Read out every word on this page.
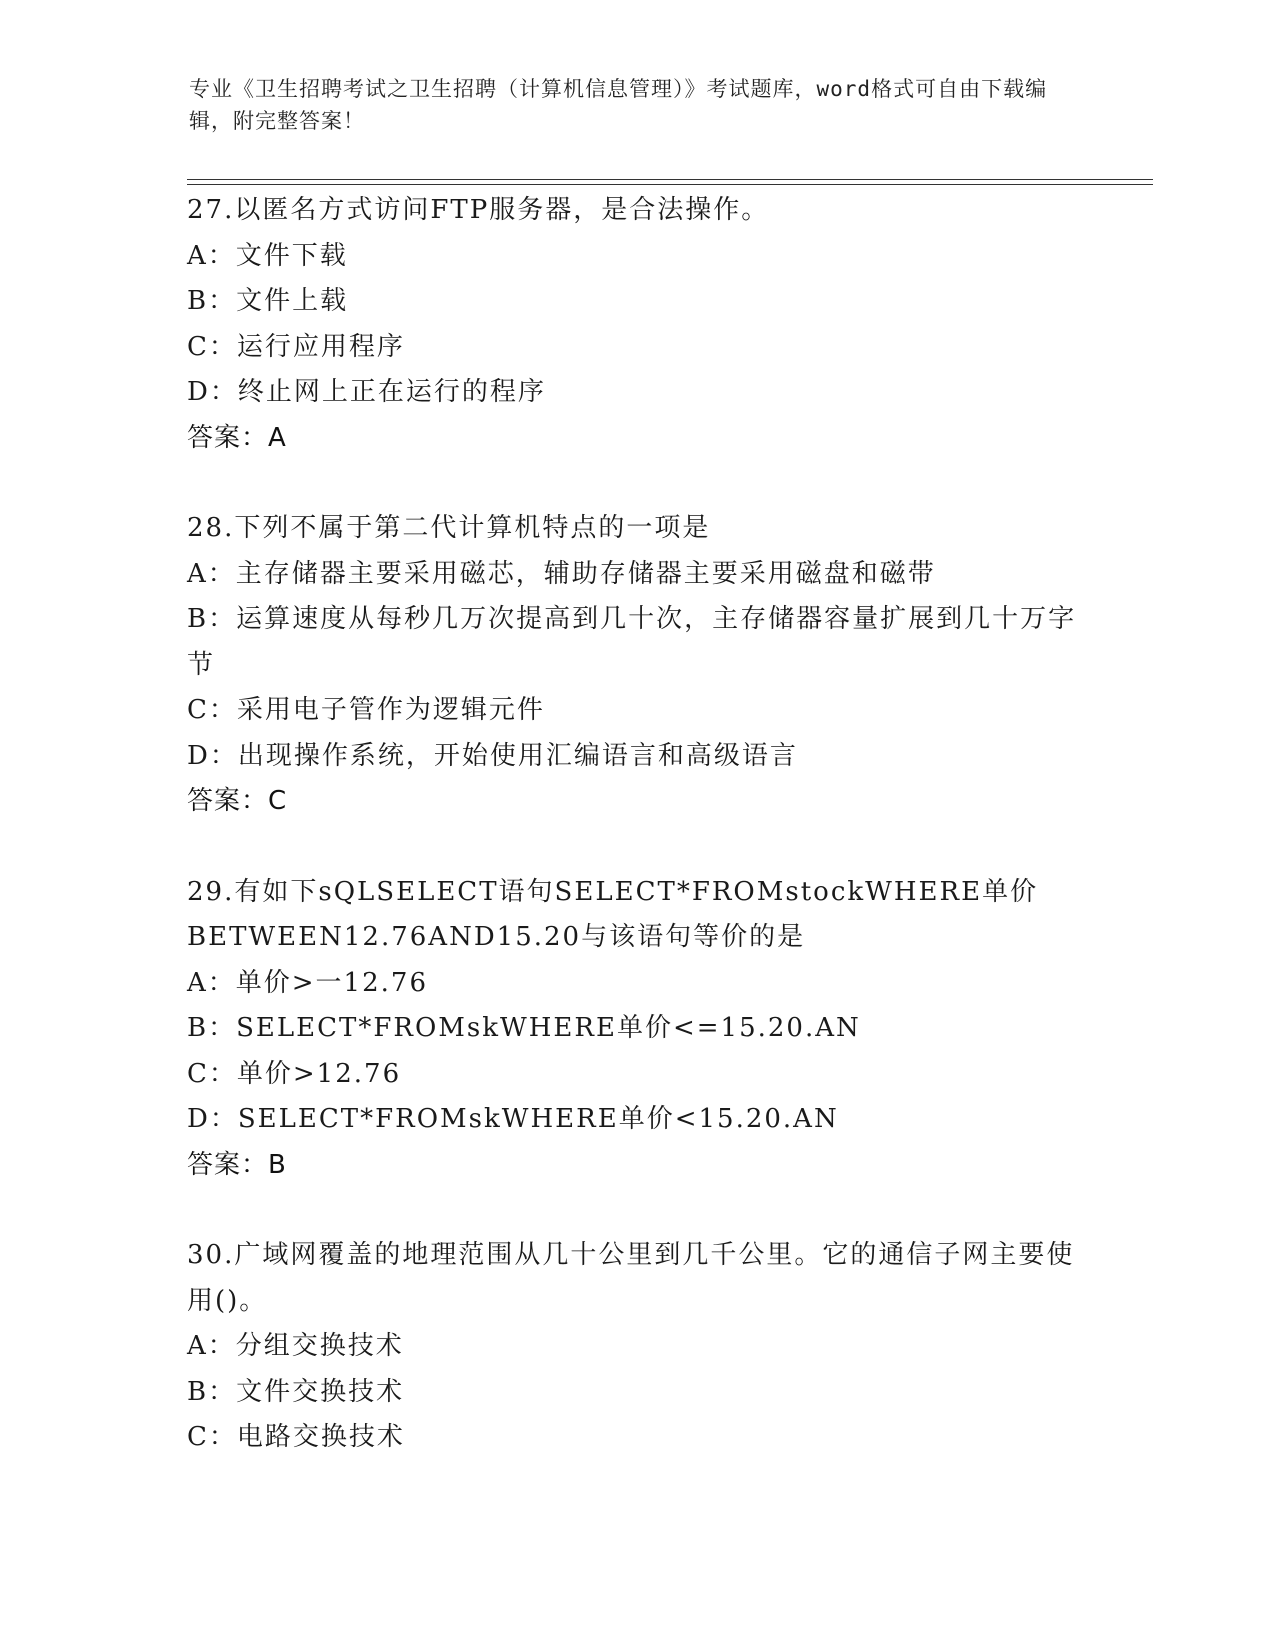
专业《卫生招聘考试之卫生招聘（计算机信息管理）》考试题库，word格式可自由下载编辑，附完整答案！
27.以匿名方式访问FTP服务器，是合法操作。
A：文件下载
B：文件上载
C：运行应用程序
D：终止网上正在运行的程序
答案：A
28.下列不属于第二代计算机特点的一项是
A：主存储器主要采用磁芯，辅助存储器主要采用磁盘和磁带
B：运算速度从每秒几万次提高到几十次，主存储器容量扩展到几十万字节
C：采用电子管作为逻辑元件
D：出现操作系统，开始使用汇编语言和高级语言
答案：C
29.有如下sQLSELECT语句SELECT*FROMstockWHERE单价BETWEEN12.76AND15.20与该语句等价的是
A：单价>一12.76
B：SELECT*FROMskWHERE单价<=15.20.AN
C：单价>12.76
D：SELECT*FROMskWHERE单价<15.20.AN
答案：B
30.广域网覆盖的地理范围从几十公里到几千公里。它的通信子网主要使用()。
A：分组交换技术
B：文件交换技术
C：电路交换技术
